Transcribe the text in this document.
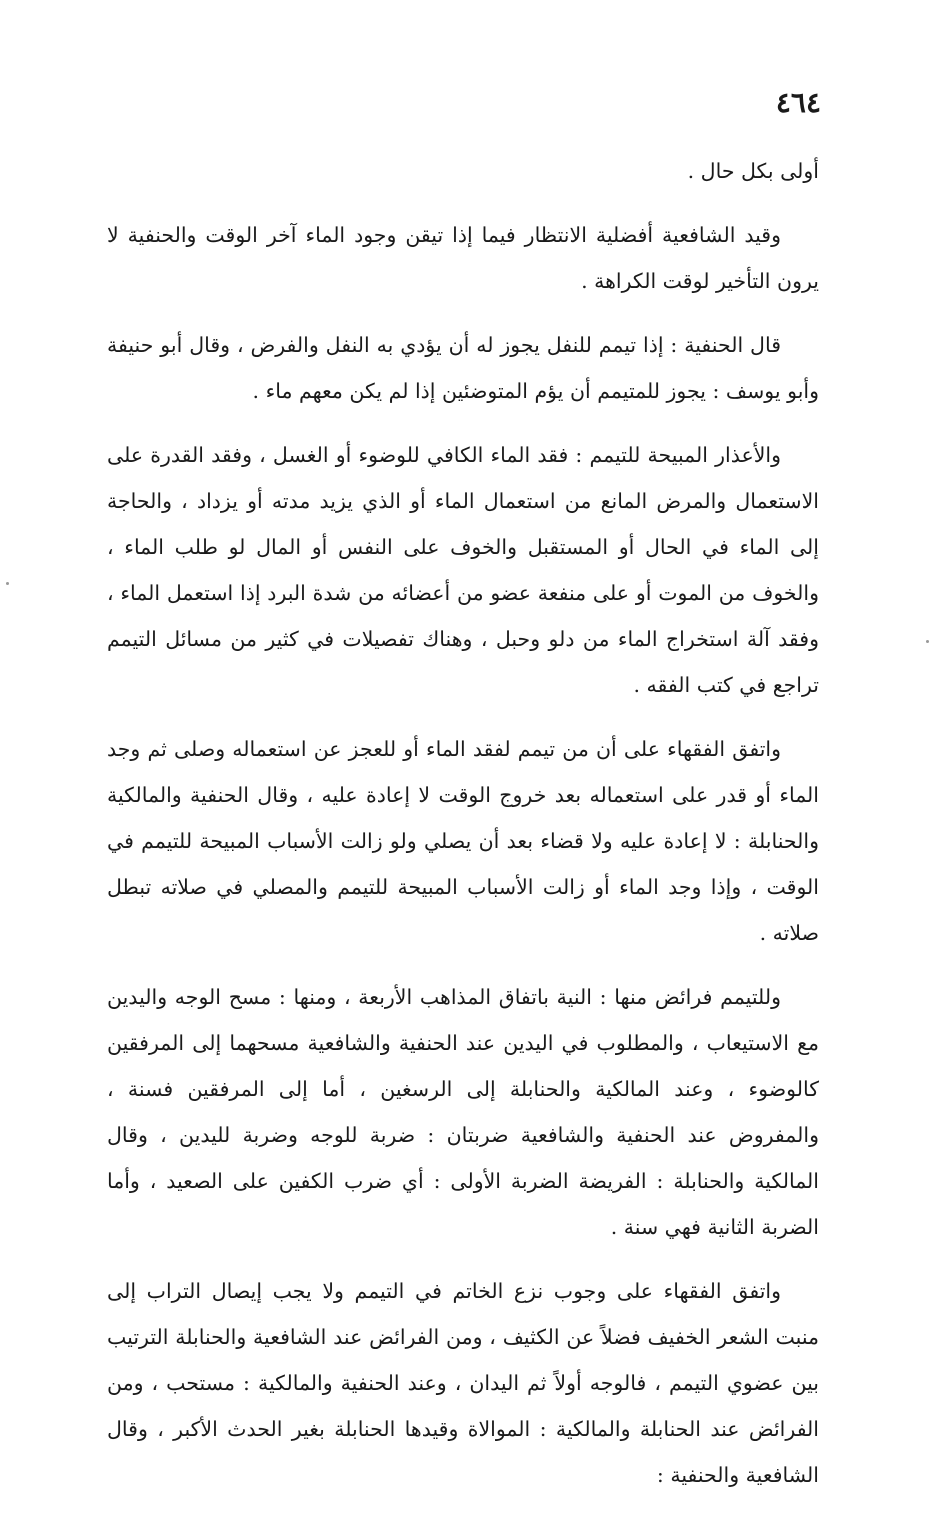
٤٦٤

أولى بكل حال .

وقيد الشافعية أفضلية الانتظار فيما إذا تيقن وجود الماء آخر الوقت والحنفية لا يرون التأخير لوقت الكراهة .

قال الحنفية : إذا تيمم للنفل يجوز له أن يؤدي به النفل والفرض ، وقال أبو حنيفة وأبو يوسف : يجوز للمتيمم أن يؤم المتوضئين إذا لم يكن معهم ماء .

والأعذار المبيحة للتيمم : فقد الماء الكافي للوضوء أو الغسل ، وفقد القدرة على الاستعمال والمرض المانع من استعمال الماء أو الذي يزيد مدته أو يزداد ، والحاجة إلى الماء في الحال أو المستقبل والخوف على النفس أو المال لو طلب الماء ، والخوف من الموت أو على منفعة عضو من أعضائه من شدة البرد إذا استعمل الماء ، وفقد آلة استخراج الماء من دلو وحبل ، وهناك تفصيلات في كثير من مسائل التيمم تراجع في كتب الفقه .

واتفق الفقهاء على أن من تيمم لفقد الماء أو للعجز عن استعماله وصلى ثم وجد الماء أو قدر على استعماله بعد خروج الوقت لا إعادة عليه ، وقال الحنفية والمالكية والحنابلة : لا إعادة عليه ولا قضاء بعد أن يصلي ولو زالت الأسباب المبيحة للتيمم في الوقت ، وإذا وجد الماء أو زالت الأسباب المبيحة للتيمم والمصلي في صلاته تبطل صلاته .

وللتيمم فرائض منها : النية باتفاق المذاهب الأربعة ، ومنها : مسح الوجه واليدين مع الاستيعاب ، والمطلوب في اليدين عند الحنفية والشافعية مسحهما إلى المرفقين كالوضوء ، وعند المالكية والحنابلة إلى الرسغين ، أما إلى المرفقين فسنة ، والمفروض عند الحنفية والشافعية ضربتان : ضربة للوجه وضربة لليدين ، وقال المالكية والحنابلة : الفريضة الضربة الأولى : أي ضرب الكفين على الصعيد ، وأما الضربة الثانية فهي سنة .

واتفق الفقهاء على وجوب نزع الخاتم في التيمم ولا يجب إيصال التراب إلى منبت الشعر الخفيف فضلاً عن الكثيف ، ومن الفرائض عند الشافعية والحنابلة الترتيب بين عضوي التيمم ، فالوجه أولاً ثم اليدان ، وعند الحنفية والمالكية : مستحب ، ومن الفرائض عند الحنابلة والمالكية : الموالاة وقيدها الحنابلة بغير الحدث الأكبر ، وقال الشافعية والحنفية :
